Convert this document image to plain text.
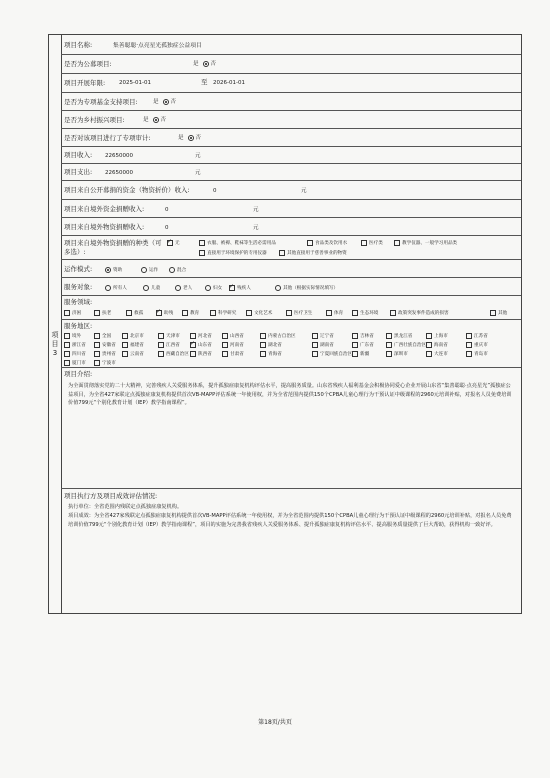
项目3
项目名称:	集善聪聪·点亮星光孤独症公益项目
是否为公募项目:	是 否
项目开展年限:	2025-01-01	至 2026-01-01
是否为专项基金支持项目:	是 否
是否为乡村振兴项目:	是 否
是否对该项目进行了专项审计:	是 否
项目收入: 22650000	元
项目支出: 22650000	元
项目来自公开募捐的资金（物资折价）收入:	0	元
项目来自境外资金捐赠收入:	0	元
项目来自境外物资捐赠收入:	0	元
项目来自境外物资捐赠的种类（可多选）:
✓无	衣服、被褥、鞋袜等生活必需用品	食品类及饮用水	医疗类	教学仪器、一般学习用品类
直接用于环境保护的专用仪器	其他直接用于慈善事业的物资
运作模式:	资助	运作	混合
服务对象:	所有人	儿童	老人	妇女 ✓	残疾人	其他（根据实际情况填写）
服务领域:
济困	扶老	救孤 ✓	助残	教育	科学研究	文化艺术	医疗卫生	体育	生态环境	政策突发事件造成的损害	其他
服务地区:
境外	全国	北京市	天津市	河北省	山西省	内蒙古自治区	辽宁省	吉林省	黑龙江省	上海市	江苏省
浙江省	安徽省	福建省	江西省 ✓	山东省	河南省	湖北省	湖南省	广东省	广西壮族自治区	海南省	重庆市
四川省	贵州省	云南省	西藏自治区	陕西省	甘肃省	青海省	宁夏回族自治区	新疆	深圳市	大连市	青岛市
厦门市	宁波市
项目介绍:
为全面贯彻落实党的二十大精神，完善残疾人关爱服务体系，提升孤独症康复机构评估水平，提高服务质量。山东省残疾人福利基金会积极协同爱心企业开展山东省“集善聪聪·点亮星光”孤独症公益项目，为全省427家联定点孤独症康复机构提供首次VB-MAPP评估系统一年使用权，并为全省范围内提供150个CPBA儿童心理行为干预认证中级课程的2960元培训补贴，对报名人员免费培训价值799元“个别化教育计划（IEP）教学指南课程”。
项目执行方及项目成效评估情况:
执行单位：全省范围内残联定点孤独症康复机构。
项目成效：为全省427家残联定点孤独症康复机构提供首次VB-MAPP评估系统一年使用权，并为全省范围内提供150个CPBA儿童心理行为干预认证中级课程的2960元培训补贴，对报名人员免费培训价值799元“个别化教育计划（IEP）教学指南课程”，项目的实施为完善我省残疾人关爱服务体系、提升孤独症康复机构评估水平、提高服务质量提供了巨大帮助，获得机构一致好评。
第18页/共页
